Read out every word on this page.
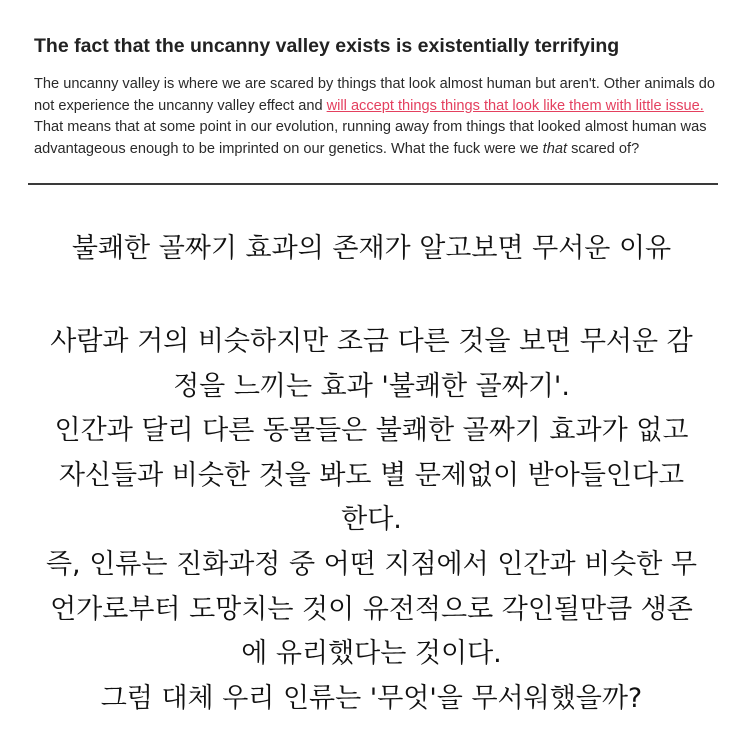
The fact that the uncanny valley exists is existentially terrifying

The uncanny valley is where we are scared by things that look almost human but aren't. Other animals do not experience the uncanny valley effect and will accept things things that look like them with little issue. That means that at some point in our evolution, running away from things that looked almost human was advantageous enough to be imprinted on our genetics. What the fuck were we that scared of?

불쾌한 골짜기 효과의 존재가 알고보면 무서운 이유
사람과 거의 비슷하지만 조금 다른 것을 보면 무서운 감
정을 느끼는 효과 '불쾌한 골짜기'.
인간과 달리 다른 동물들은 불쾌한 골짜기 효과가 없고
자신들과 비슷한 것을 봐도 별 문제없이 받아들인다고
한다.
즉, 인류는 진화과정 중 어떤 지점에서 인간과 비슷한 무
언가로부터 도망치는 것이 유전적으로 각인될만큼 생존
에 유리했다는 것이다.
그럼 대체 우리 인류는 '무엇'을 무서워했을까?
